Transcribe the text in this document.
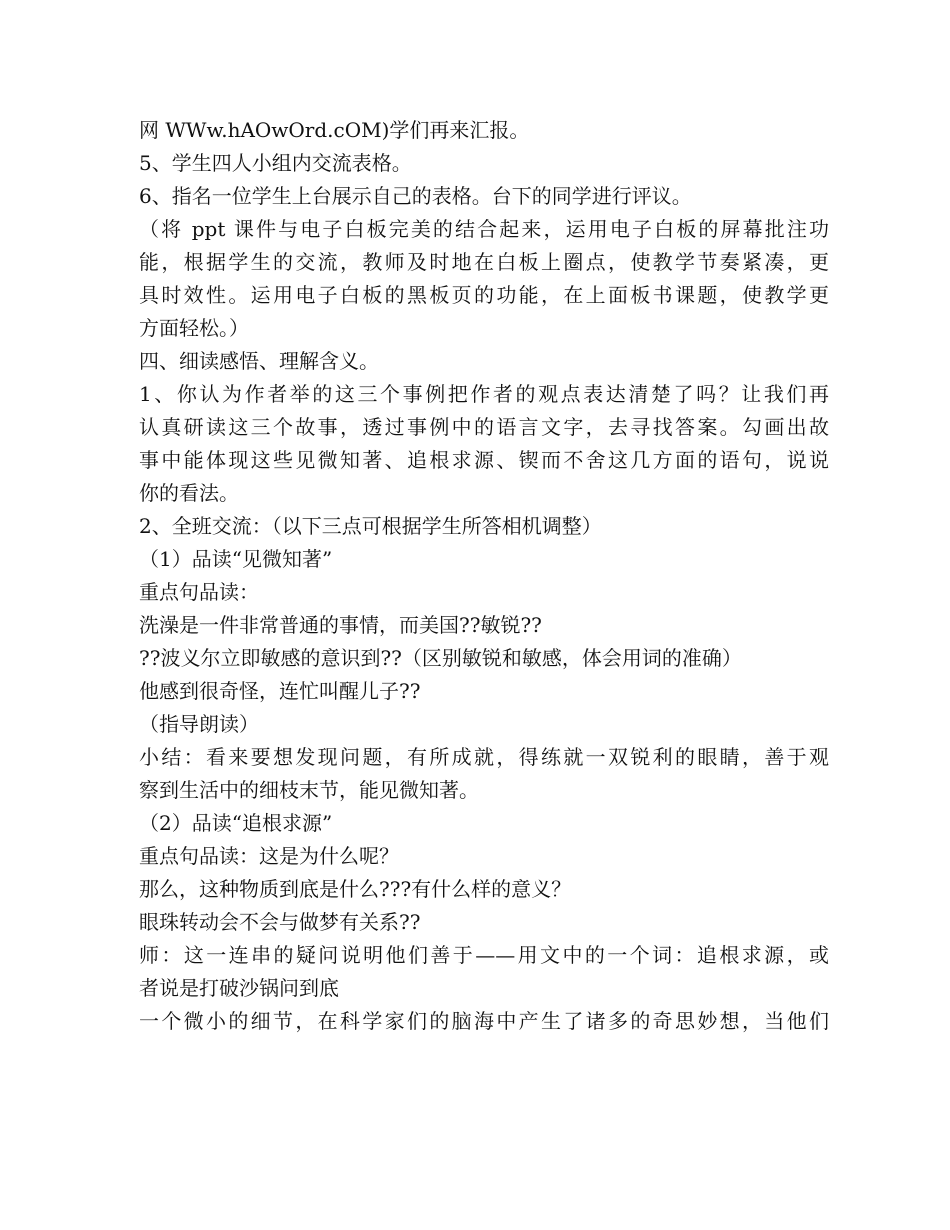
网 WWw.hAOwOrd.cOM)学们再来汇报。
5、学生四人小组内交流表格。
6、指名一位学生上台展示自己的表格。台下的同学进行评议。
（将 ppt 课件与电子白板完美的结合起来，运用电子白板的屏幕批注功
能，根据学生的交流，教师及时地在白板上圈点，使教学节奏紧凑，更
具时效性。运用电子白板的黑板页的功能，在上面板书课题，使教学更
方面轻松。）
四、细读感悟、理解含义。
1、你认为作者举的这三个事例把作者的观点表达清楚了吗？让我们再
认真研读这三个故事，透过事例中的语言文字，去寻找答案。勾画出故
事中能体现这些见微知著、追根求源、锲而不舍这几方面的语句，说说
你的看法。
2、全班交流：（以下三点可根据学生所答相机调整）
（1）品读“见微知著”
重点句品读：
洗澡是一件非常普通的事情，而美国??敏锐??
??波义尔立即敏感的意识到??（区别敏锐和敏感，体会用词的准确）
他感到很奇怪，连忙叫醒儿子??
（指导朗读）
小结：看来要想发现问题，有所成就，得练就一双锐利的眼睛，善于观
察到生活中的细枝末节，能见微知著。
（2）品读“追根求源”
重点句品读：这是为什么呢？
那么，这种物质到底是什么???有什么样的意义？
眼珠转动会不会与做梦有关系??
师：这一连串的疑问说明他们善于——用文中的一个词：追根求源，或
者说是打破沙锅问到底
一个微小的细节，在科学家们的脑海中产生了诸多的奇思妙想，当他们
